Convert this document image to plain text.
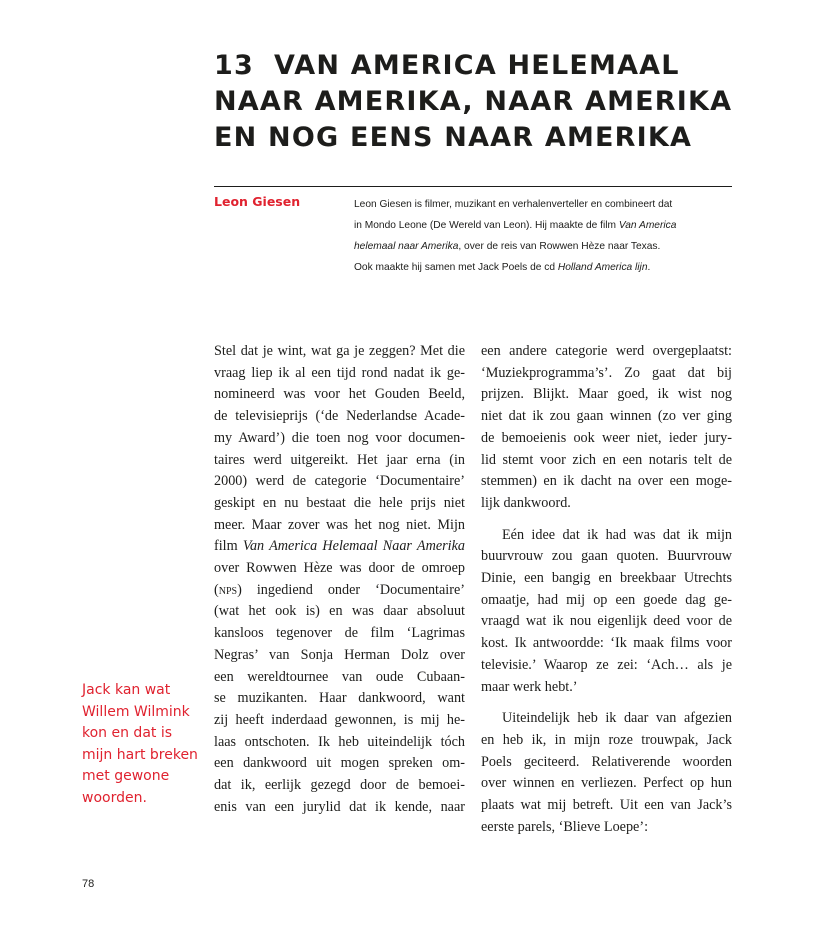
13 VAN AMERICA HELEMAAL
NAAR AMERIKA, NAAR AMERIKA
EN NOG EENS NAAR AMERIKA
Leon Giesen	Leon Giesen is filmer, muzikant en verhalenverteller en combineert dat
in Mondo Leone (De Wereld van Leon). Hij maakte de film Van America
helemaal naar Amerika, over de reis van Rowwen Hèze naar Texas.
Ook maakte hij samen met Jack Poels de cd Holland America lijn.
Stel dat je wint, wat ga je zeggen? Met die
vraag liep ik al een tijd rond nadat ik ge-
nomineerd was voor het Gouden Beeld,
de televisieprijs (‘de Nederlandse Acade-
my Award’) die toen nog voor documen-
taires werd uitgereikt. Het jaar erna (in
2000) werd de categorie ‘Documentaire’
geskipt en nu bestaat die hele prijs niet
meer. Maar zover was het nog niet. Mijn
film Van America Helemaal Naar Amerika
over Rowwen Hèze was door de omroep
(nps) ingediend onder ‘Documentaire’
(wat het ook is) en was daar absoluut
kansloos tegenover de film ‘Lagrimas
Negras’ van Sonja Herman Dolz over
een wereldtournee van oude Cubaan-
se muzikanten. Haar dankwoord, want
zij heeft inderdaad gewonnen, is mij he-
laas ontschoten. Ik heb uiteindelijk tóch
een dankwoord uit mogen spreken om-
dat ik, eerlijk gezegd door de bemoei-
enis van een jurylid dat ik kende, naar
een andere categorie werd overgeplaatst:
‘Muziekprogramma’s’. Zo gaat dat bij
prijzen. Blijkt. Maar goed, ik wist nog
niet dat ik zou gaan winnen (zo ver ging
de bemoeienis ook weer niet, ieder jury-
lid stemt voor zich en een notaris telt de
stemmen) en ik dacht na over een moge-
lijk dankwoord.
Eén idee dat ik had was dat ik mijn
buurvrouw zou gaan quoten. Buurvrouw
Dinie, een bangig en breekbaar Utrechts
omaatje, had mij op een goede dag ge-
vraagd wat ik nou eigenlijk deed voor de
kost. Ik antwoordde: ‘Ik maak films voor
televisie.’ Waarop ze zei: ‘Ach… als je
maar werk hebt.’
Uiteindelijk heb ik daar van afgezien
en heb ik, in mijn roze trouwpak, Jack
Poels geciteerd. Relativerende woorden
over winnen en verliezen. Perfect op hun
plaats wat mij betreft. Uit een van Jack’s
eerste parels, ‘Blieve Loepe’:
Jack kan wat
Willem Wilmink
kon en dat is
mijn hart breken
met gewone
woorden.
78
